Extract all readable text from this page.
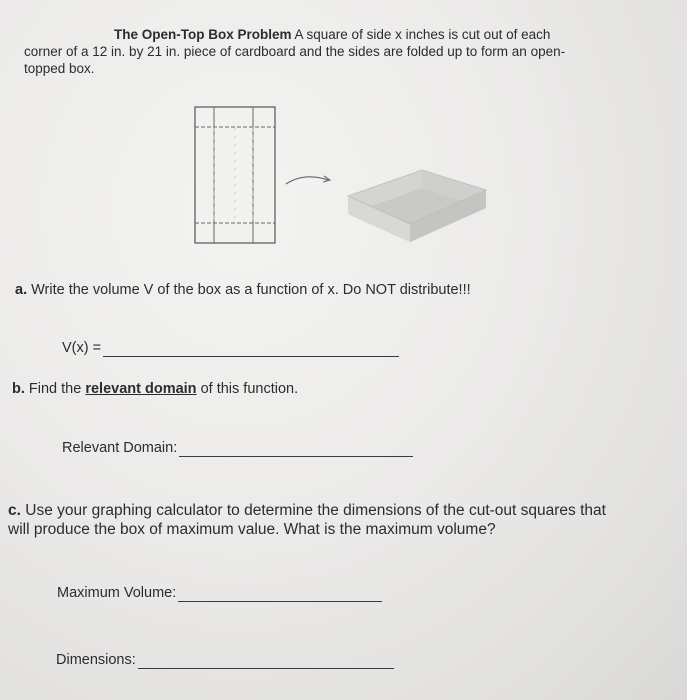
The Open-Top Box Problem A square of side x inches is cut out of each
corner of a 12 in. by 21 in. piece of cardboard and the sides are folded up to form an open-
topped box.
a. Write the volume V of the box as a function of x. Do NOT distribute!!!
V(x) =
b. Find the relevant domain of this function.
Relevant Domain:
c. Use your graphing calculator to determine the dimensions of the cut-out squares that
will produce the box of maximum value. What is the maximum volume?
Maximum Volume:
Dimensions:
